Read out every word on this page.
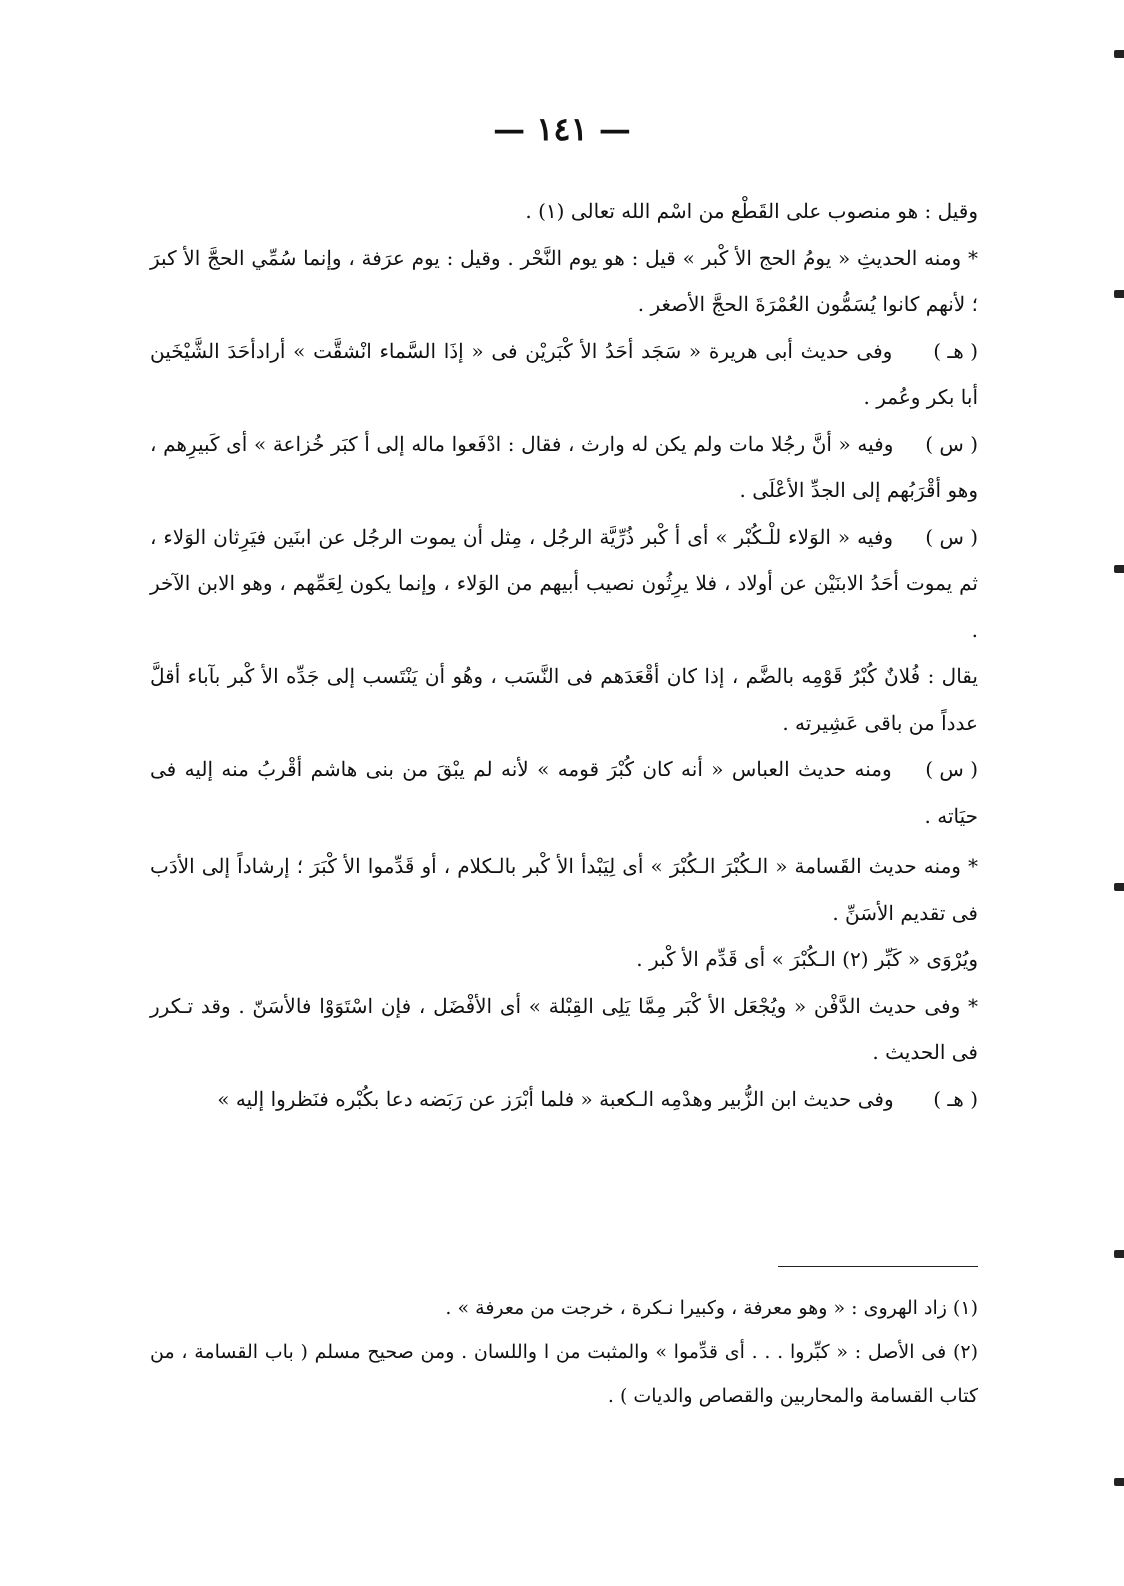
— ١٤١ —

وقيل : هو منصوب على القَطْع من اسْم الله تعالى (١) .

* ومنه الحديثِ « يومُ الحج الأ كْبر » قيل : هو يوم النَّحْر . وقيل : يوم عرَفة ، وإنما سُمِّي الحجَّ الأ كبرَ ؛ لأنهم كانوا يُسَمُّون العُمْرَةَ الحجَّ الأصغر .

( هـ ) وفى حديث أبى هريرة « سَجَد أحَدُ الأ كْبَريْن فى « إذَا السَّماء انْشقَّت » أرادأحَدَ الشَّيْخَين أبا بكر وعُمر .

( س ) وفيه « أنَّ رجُلا مات ولم يكن له وارث ، فقال : ادْفَعوا ماله إلى أ كبَر خُزاعة » أى كَبيرِهم ، وهو أقْرَبُهم إلى الجدِّ الأعْلَى .

( س ) وفيه « الوَلاء للْـكُبْر » أى أ كْبر ذُرِّيَّة الرجُل ، مِثل أن يموت الرجُل عن ابنَين فيَرِثان الوَلاء ، ثم يموت أحَدُ الابنَيْن عن أولاد ، فلا يرِثُون نصيب أبيهم من الوَلاء ، وإنما يكون لِعَمِّهم ، وهو الابن الآخر .

يقال : فُلانٌ كُبْرُ قَوْمِه بالضَّم ، إذا كان أقْعَدَهم فى النَّسَب ، وهُو أن يَنْتَسب إلى جَدِّه الأ كْبر بآباء أقلَّ عدداً من باقى عَشِيرته .

( س ) ومنه حديث العباس « أنه كان كُبْرَ قومه » لأنه لم يبْقَ من بنى هاشم أقْربُ منه إليه فى حيَاته .

* ومنه حديث القَسامة « الـكُبْرَ الـكُبْرَ » أى لِيَبْدأ الأ كْبر بالـكلام ، أو قَدِّموا الأ كْبَرَ ؛ إرشاداً إلى الأدَب فى تقديم الأسَنِّ .

ويُرْوَى « كَبِّر (٢) الـكُبْرَ » أى قَدِّم الأ كْبر .

* وفى حديث الدَّفْن « ويُجْعَل الأ كْبَر مِمَّا يَلِى القِبْلة » أى الأفْضَل ، فإن اسْتَوَوْا فالأسَنّ . وقد تـكرر فى الحديث .

( هـ ) وفى حديث ابن الزُّبير وهدْمِه الـكعبة « فلما أبْرَز عن رَبَضه دعا بكُبْره فنَظروا إليه »

(١) زاد الهروى : « وهو معرفة ، وكبيرا نـكرة ، خرجت من معرفة » .

(٢) فى الأصل : « كبِّروا . . . أى قدِّموا » والمثبت من ا واللسان . ومن صحيح مسلم ( باب القسامة ، من كتاب القسامة والمحاربين والقصاص والديات ) .
